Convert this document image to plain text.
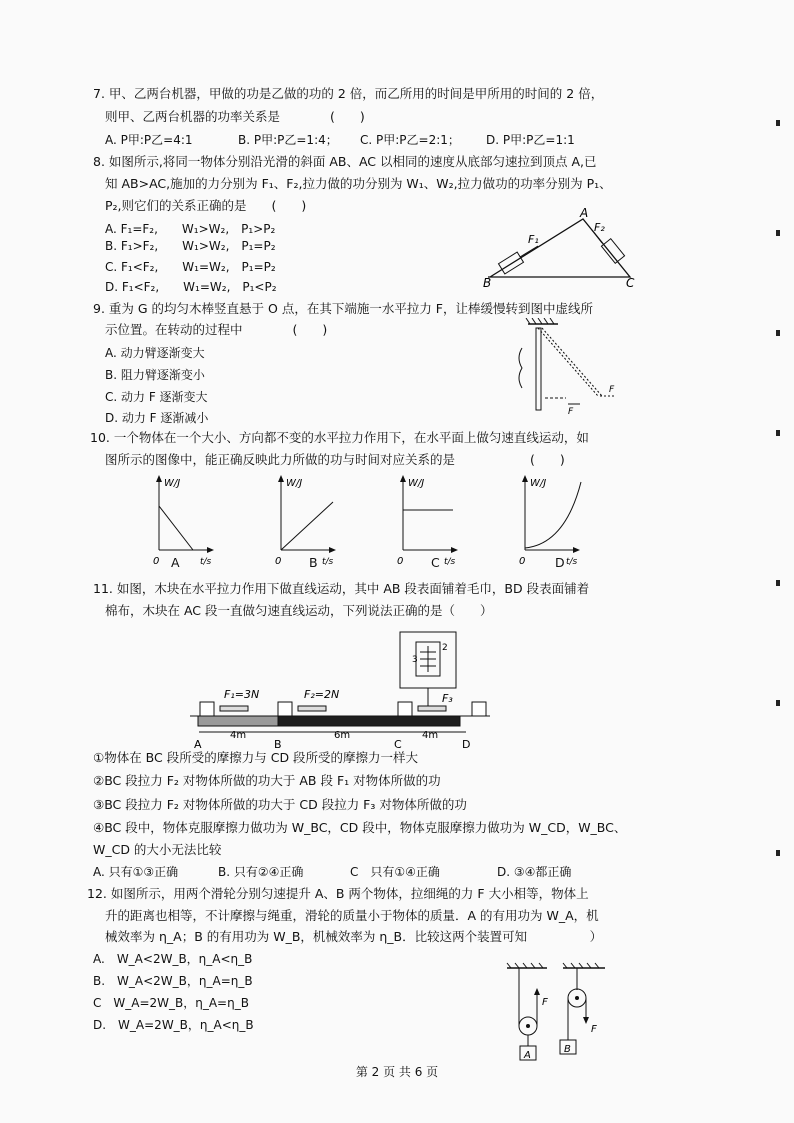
7. 甲、乙两台机器，甲做的功是乙做的功的 2 倍，而乙所用的时间是甲所用的时间的 2 倍，
则甲、乙两台机器的功率关系是　　　　(　　)
A. P甲:P乙=4:1	B. P甲:P乙=1:4； C. P甲:P乙=2:1； D. P甲:P乙=1:1
8. 如图所示,将同一物体分别沿光滑的斜面 AB、AC 以相同的速度从底部匀速拉到顶点 A,已
知 AB>AC,施加的力分别为 F₁、F₂,拉力做的功分别为 W₁、W₂,拉力做功的功率分别为 P₁、
P₂,则它们的关系正确的是　　(　　)
A. F₁=F₂,　　W₁>W₂,　P₁>P₂
B. F₁>F₂,　　W₁>W₂,　P₁=P₂
C. F₁<F₂,　　W₁=W₂,　P₁=P₂
D. F₁<F₂,　　W₁=W₂,　P₁<P₂
A
B	C
F₁
F₂
9. 重为 G 的均匀木棒竖直悬于 O 点，在其下端施一水平拉力 F，让棒缓慢转到图中虚线所
示位置。在转动的过程中　　　　(　　)
A. 动力臂逐渐变大
B. 阻力臂逐渐变小
C. 动力 F 逐渐变大
D. 动力 F 逐渐减小
F
F
10. 一个物体在一个大小、方向都不变的水平拉力作用下，在水平面上做匀速直线运动，如
图所示的图像中，能正确反映此力所做的功与时间对应关系的是　　　　　　(　　)
W/J
t/s
0
W/J
t/s
0
W/J
t/s
0
W/J
t/s
0
A	B	C	D
11. 如图，木块在水平拉力作用下做直线运动，其中 AB 段表面铺着毛巾，BD 段表面铺着
棉布，木块在 AC 段一直做匀速直线运动，下列说法正确的是（　　）
3
2
F₁=3N	F₂=2N	F₃
4m	6m	4m
A	B	C	D
①物体在 BC 段所受的摩擦力与 CD 段所受的摩擦力一样大
②BC 段拉力 F₂ 对物体所做的功大于 AB 段 F₁ 对物体所做的功
③BC 段拉力 F₂ 对物体所做的功大于 CD 段拉力 F₃ 对物体所做的功
④BC 段中，物体克服摩擦力做功为 W_BC，CD 段中，物体克服摩擦力做功为 W_CD，W_BC、
W_CD 的大小无法比较
A. 只有①③正确	B. 只有②④正确	C　只有①④正确	D. ③④都正确
12. 如图所示，用两个滑轮分别匀速提升 A、B 两个物体，拉细绳的力 F 大小相等，物体上
升的距离也相等，不计摩擦与绳重，滑轮的质量小于物体的质量．A 的有用功为 W_A，机
械效率为 η_A；B 的有用功为 W_B，机械效率为 η_B．比较这两个装置可知　　　　　）
A.　W_A<2W_B，η_A<η_B
B.　W_A<2W_B，η_A=η_B
C　W_A=2W_B，η_A=η_B
D.　W_A=2W_B，η_A<η_B
F
A
F
B
第 2 页 共 6 页
